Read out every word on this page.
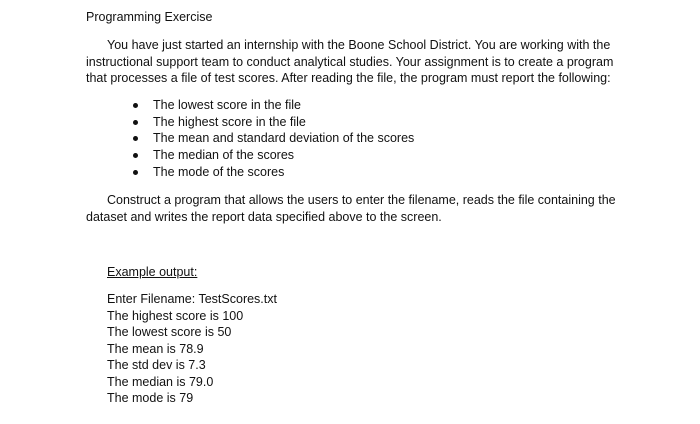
Programming Exercise

You have just started an internship with the Boone School District. You are working with the instructional support team to conduct analytical studies. Your assignment is to create a program that processes a file of test scores. After reading the file, the program must report the following:

The lowest score in the file
The highest score in the file
The mean and standard deviation of the scores
The median of the scores
The mode of the scores

Construct a program that allows the users to enter the filename, reads the file containing the dataset and writes the report data specified above to the screen.

Example output:
Enter Filename: TestScores.txt
The highest score is 100
The lowest score is 50
The mean is 78.9
The std dev is 7.3
The median is 79.0
The mode is 79
